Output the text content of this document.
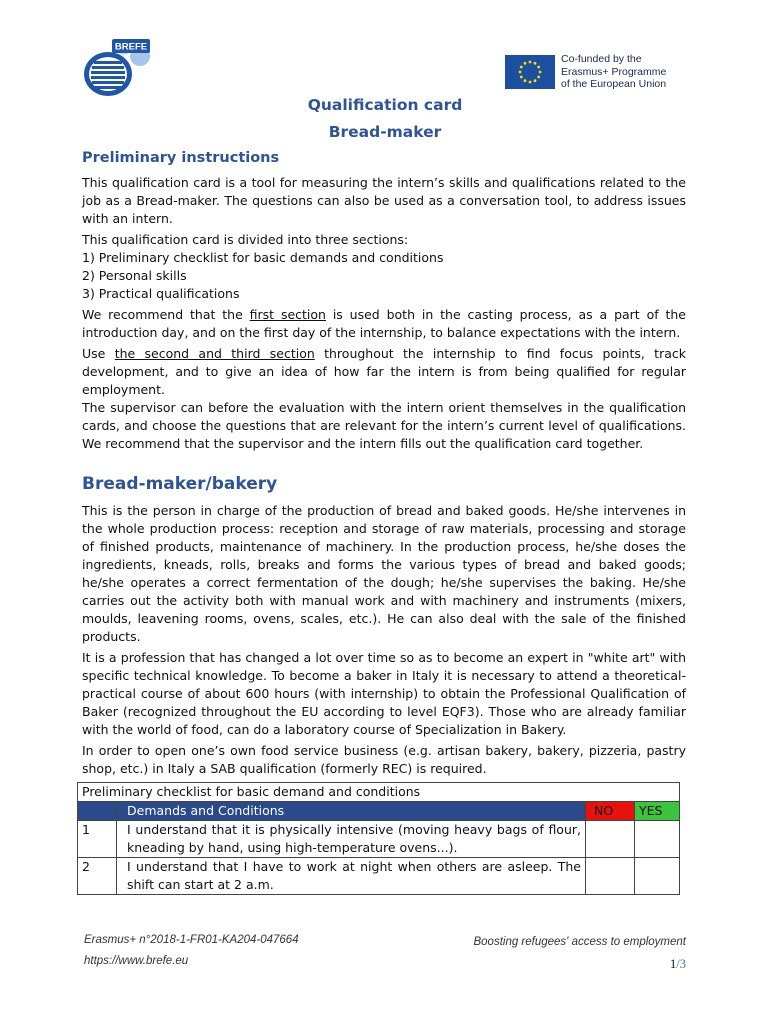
BREFE
Co-funded by the
Erasmus+ Programme
of the European Union
Qualification card
Bread-maker
Preliminary instructions

This qualification card is a tool for measuring the intern’s skills and qualifications related to the job as a Bread-maker. The questions can also be used as a conversation tool, to address issues with an intern.

This qualification card is divided into three sections:

1) Preliminary checklist for basic demands and conditions

2) Personal skills

3) Practical qualifications

We recommend that the first section is used both in the casting process, as a part of the introduction day, and on the first day of the internship, to balance expectations with the intern.

Use the second and third section throughout the internship to find focus points, track development, and to give an idea of how far the intern is from being qualified for regular employment.

The supervisor can before the evaluation with the intern orient themselves in the qualification cards, and choose the questions that are relevant for the intern’s current level of qualifications. We recommend that the supervisor and the intern fills out the qualification card together.

Bread-maker/bakery

This is the person in charge of the production of bread and baked goods. He/she intervenes in the whole production process: reception and storage of raw materials, processing and storage of finished products, maintenance of machinery. In the production process, he/she doses the ingredients, kneads, rolls, breaks and forms the various types of bread and baked goods; he/she operates a correct fermentation of the dough; he/she supervises the baking. He/she carries out the activity both with manual work and with machinery and instruments (mixers, moulds, leavening rooms, ovens, scales, etc.). He can also deal with the sale of the finished products.

It is a profession that has changed a lot over time so as to become an expert in "white art" with specific technical knowledge. To become a baker in Italy it is necessary to attend a theoretical-practical course of about 600 hours (with internship) to obtain the Professional Qualification of Baker (recognized throughout the EU according to level EQF3). Those who are already familiar with the world of food, can do a laboratory course of Specialization in Bakery.

In order to open one’s own food service business (e.g. artisan bakery, bakery, pizzeria, pastry shop, etc.) in Italy a SAB qualification (formerly REC) is required.

Preliminary checklist for basic demand and conditions			
	Demands and Conditions	NO	YES
1	I understand that it is physically intensive (moving heavy bags of flour, kneading by hand, using high-temperature ovens...).		
2	I understand that I have to work at night when others are asleep. The shift can start at 2 a.m.		
Erasmus+ n°2018-1-FR01-KA204-047664
https://www.brefe.eu
Boosting refugees' access to employment
1/3
